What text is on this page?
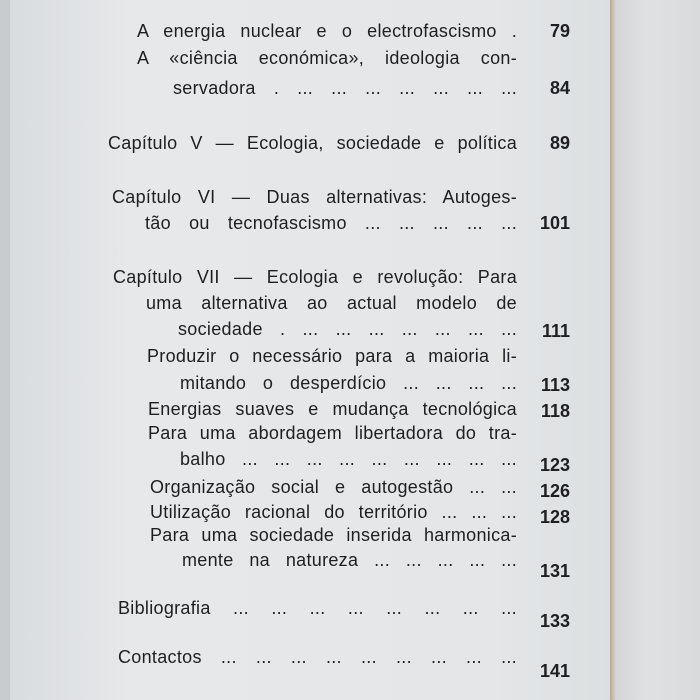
A energia nuclear e o electrofascismo . 79
A «ciência económica», ideologia con-
servadora . ... ... ... ... ... ... ... 84
Capítulo V — Ecologia, sociedade e política 89
Capítulo VI — Duas alternativas: Autoges-
tão ou tecnofascismo ... ... ... ... ... 101
Capítulo VII — Ecologia e revolução: Para
uma alternativa ao actual modelo de
sociedade . ... ... ... ... ... ... ... 111
Produzir o necessário para a maioria li-
mitando o desperdício ... ... ... ... 113
Energias suaves e mudança tecnológica 118
Para uma abordagem libertadora do tra-
balho ... ... ... ... ... ... ... ... ... 123
Organização social e autogestão ... ... 126
Utilização racional do território ... ... ... 128
Para uma sociedade inserida harmonica-
mente na natureza ... ... ... ... ...
131
Bibliografia ... ... ... ... ... ... ... ...
133
Contactos ... ... ... ... ... ... ... ... ...
141
